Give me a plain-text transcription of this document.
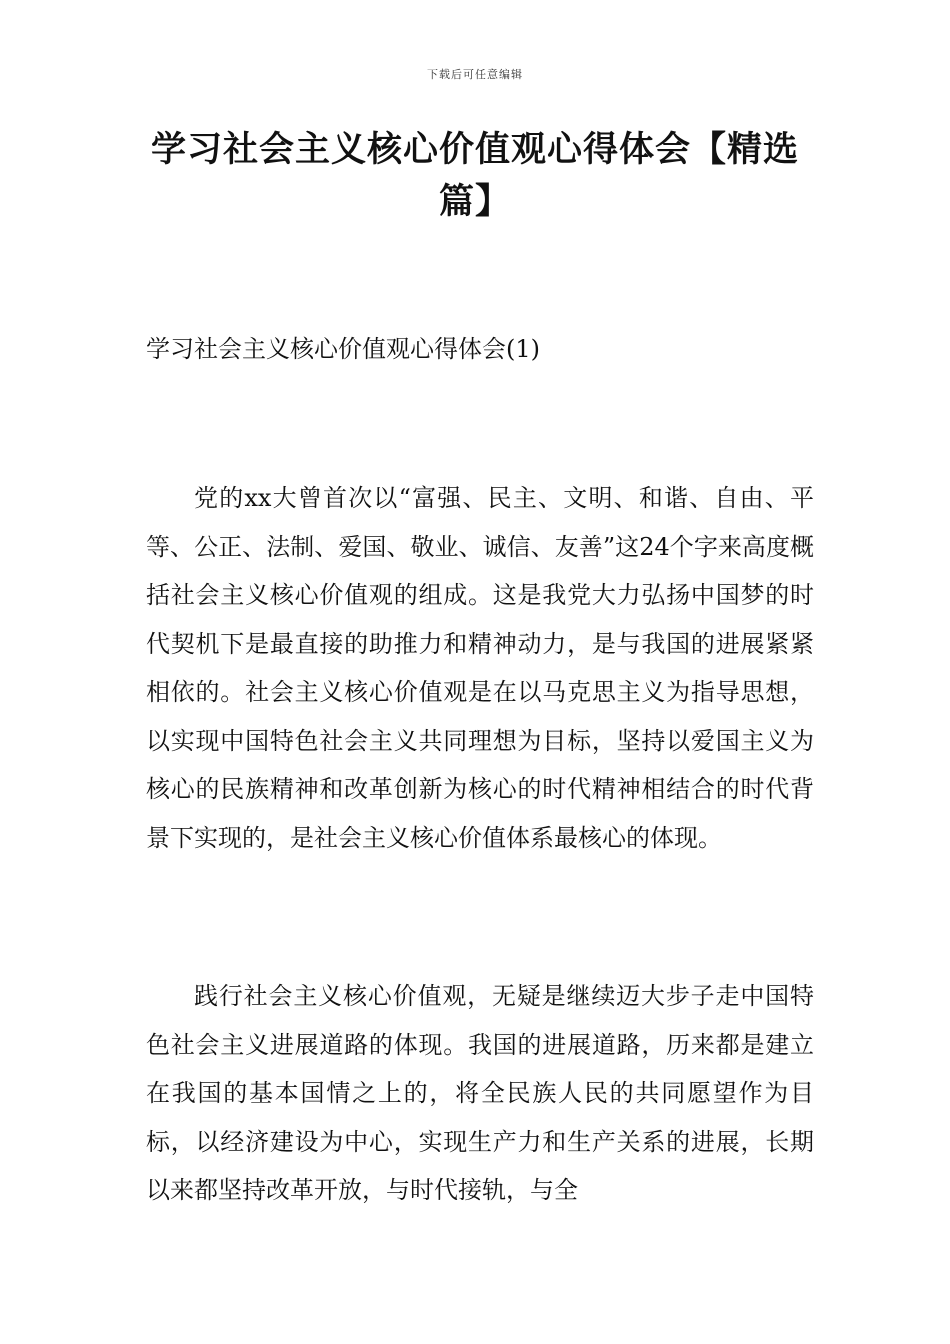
下载后可任意编辑
学习社会主义核心价值观心得体会【精选篇】
学习社会主义核心价值观心得体会(1)

党的xx大曾首次以“富强、民主、文明、和谐、自由、平等、公正、法制、爱国、敬业、诚信、友善”这24个字来高度概括社会主义核心价值观的组成。这是我党大力弘扬中国梦的时代契机下是最直接的助推力和精神动力，是与我国的进展紧紧相依的。社会主义核心价值观是在以马克思主义为指导思想，以实现中国特色社会主义共同理想为目标，坚持以爱国主义为核心的民族精神和改革创新为核心的时代精神相结合的时代背景下实现的，是社会主义核心价值体系最核心的体现。

践行社会主义核心价值观，无疑是继续迈大步子走中国特色社会主义进展道路的体现。我国的进展道路，历来都是建立在我国的基本国情之上的，将全民族人民的共同愿望作为目标，以经济建设为中心，实现生产力和生产关系的进展，长期以来都坚持改革开放，与时代接轨，与全
